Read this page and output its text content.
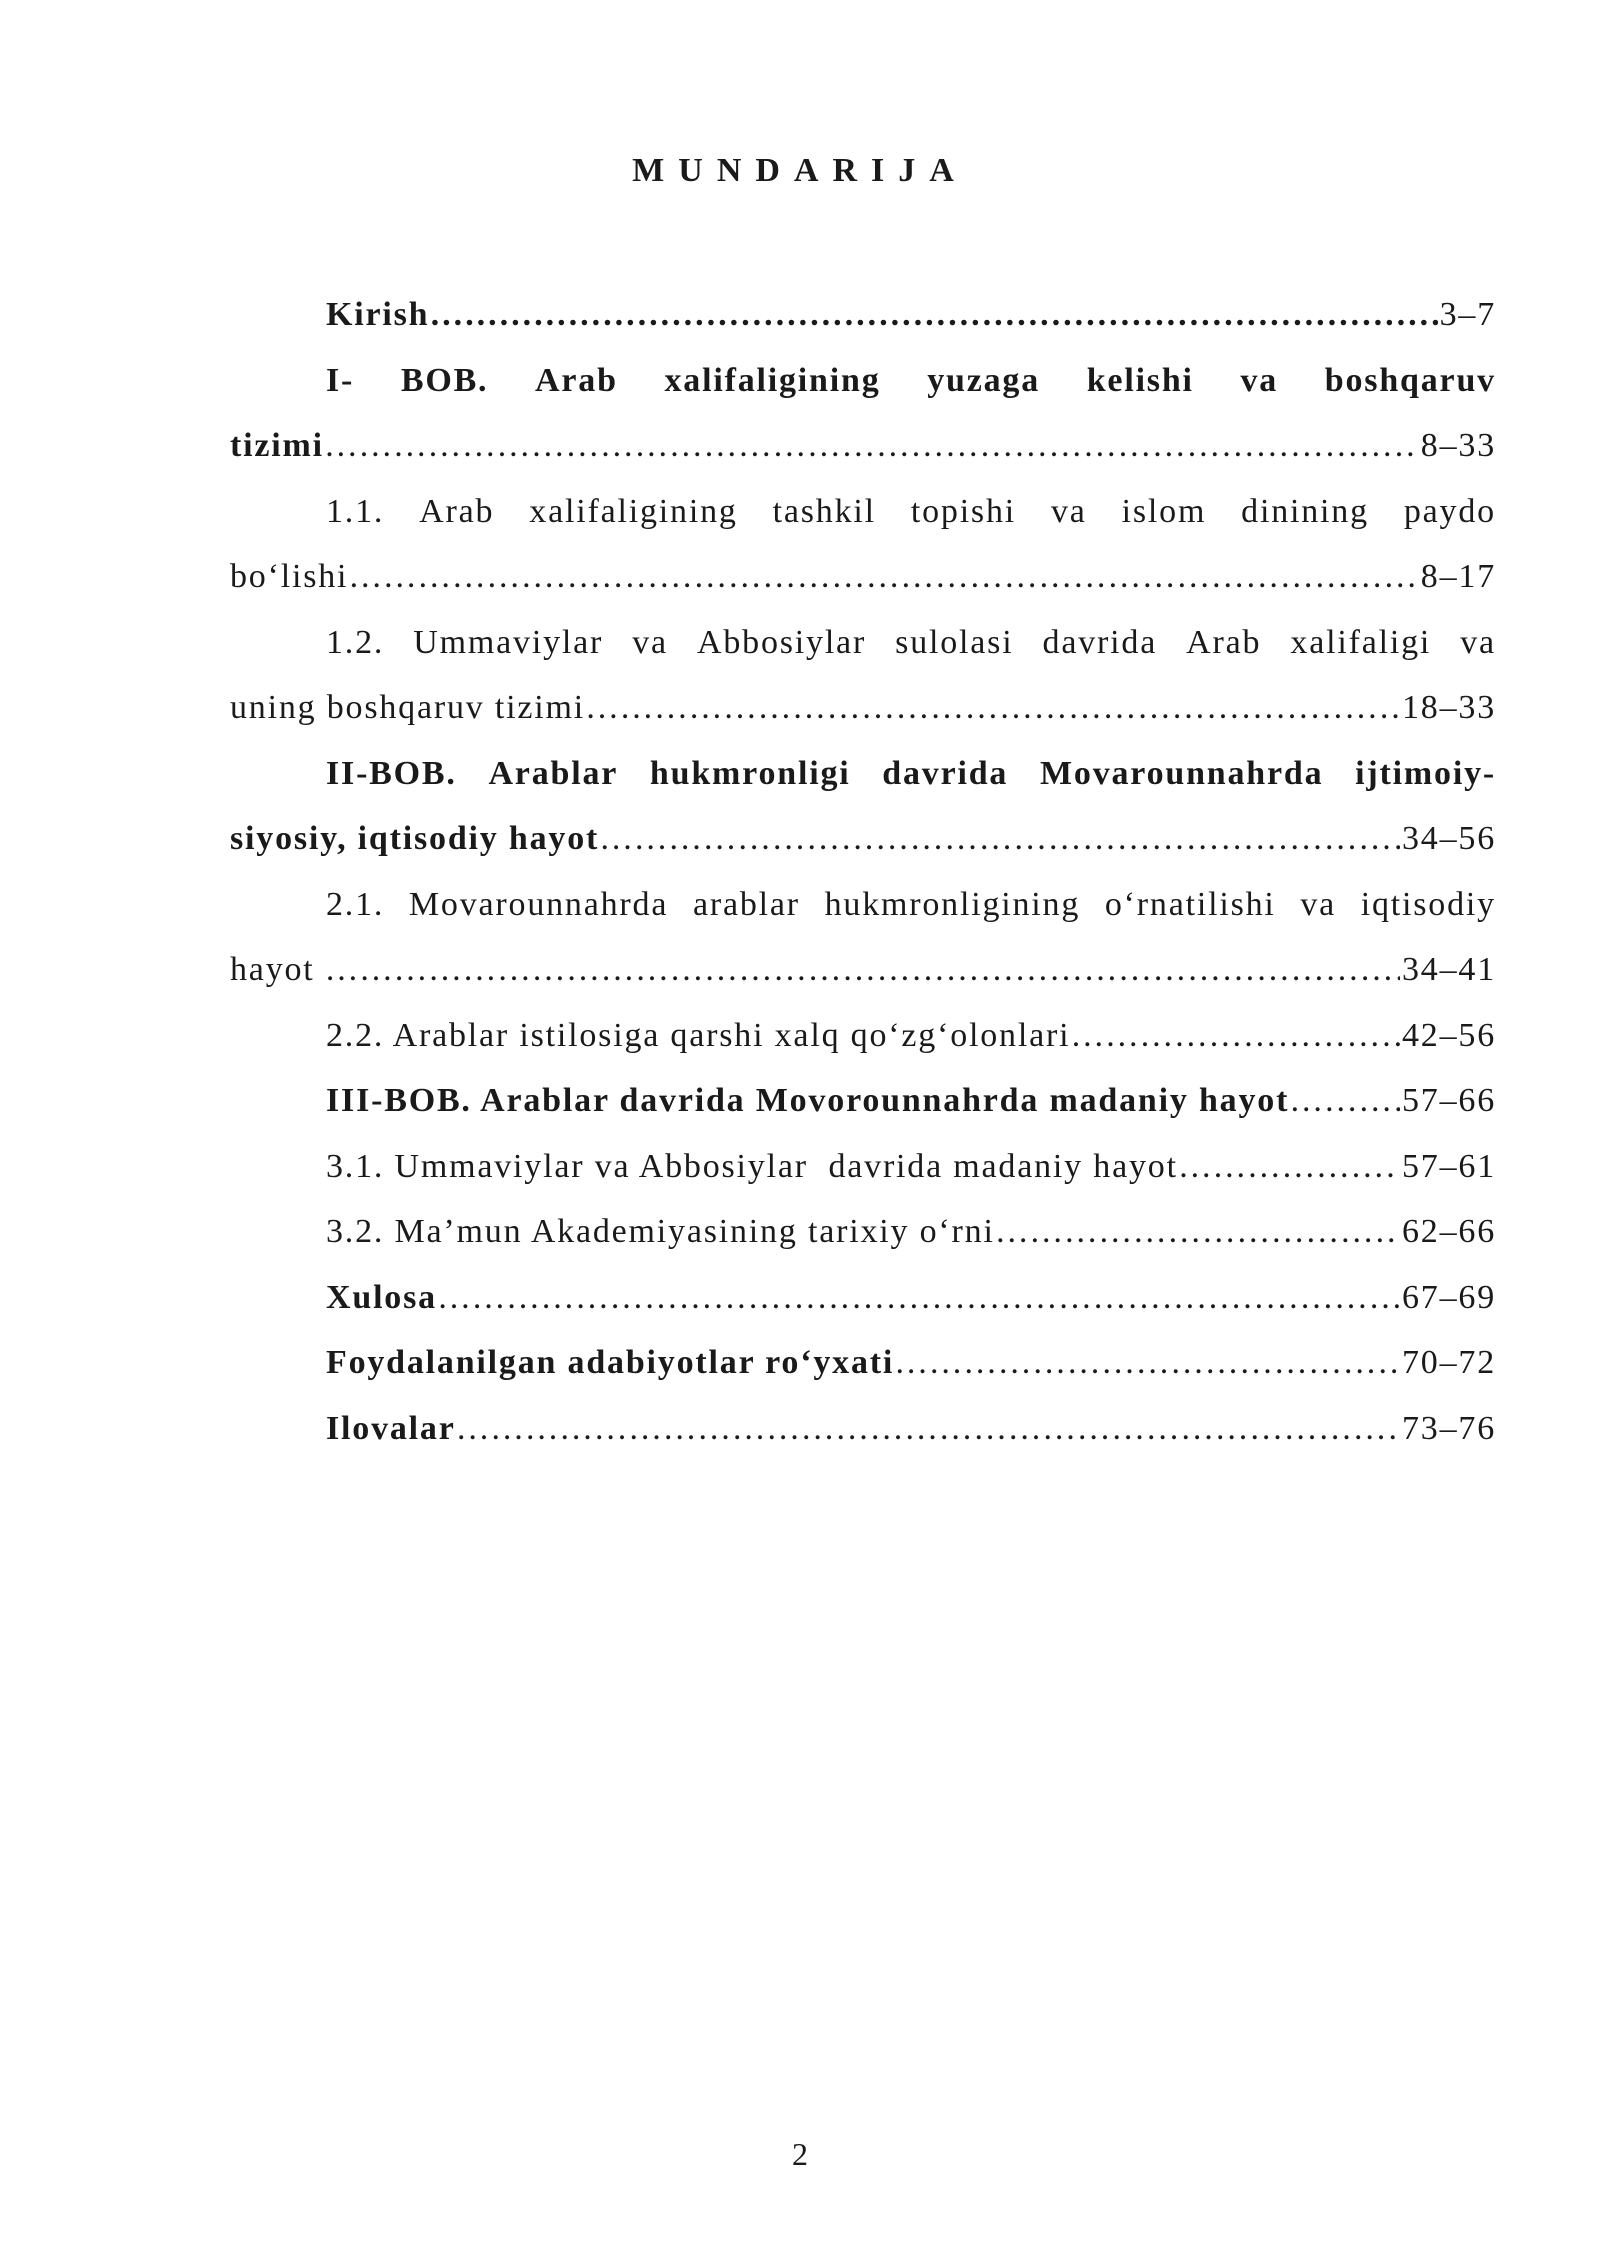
MUNDARIJA
Kirish …………………………………………………………………………………………………………………………………………………………………………………………………………	3–7
I- BOB. Arab xalifaligining yuzaga kelishi va boshqaruv
tizimi …………………………………………………………………………………………………………………………………………………………………………………………………………	8–33
1.1. Arab xalifaligining tashkil topishi va islom dinining paydo
bo‘lishi …………………………………………………………………………………………………………………………………………………………………………………………………………	8–17
1.2. Ummaviylar va Abbosiylar sulolasi davrida Arab xalifaligi va
uning boshqaruv tizimi …………………………………………………………………………………………………………………………………………………………………………………………………………	18–33
II-BOB. Arablar hukmronligi davrida Movarounnahrda ijtimoiy-
siyosiy, iqtisodiy hayot …………………………………………………………………………………………………………………………………………………………………………………………………………	34–56
2.1. Movarounnahrda arablar hukmronligining o‘rnatilishi va iqtisodiy
hayot …………………………………………………………………………………………………………………………………………………………………………………………………………	34–41
2.2. Arablar istilosiga qarshi xalq qo‘zg‘olonlari …………………………………………………………………………………………………………………………………………………………………………………………………………	42–56
III-BOB. Arablar davrida Movorounnahrda madaniy hayot …………………………………………………………………………………………………………………………………………………………………………………………………………	57–66
3.1. Ummaviylar va Abbosiylar  davrida madaniy hayot …………………………………………………………………………………………………………………………………………………………………………………………………………	57–61
3.2. Ma’mun Akademiyasining tarixiy o‘rni …………………………………………………………………………………………………………………………………………………………………………………………………………	62–66
Xulosa …………………………………………………………………………………………………………………………………………………………………………………………………………	67–69
Foydalanilgan adabiyotlar ro‘yxati …………………………………………………………………………………………………………………………………………………………………………………………………………	70–72
Ilovalar …………………………………………………………………………………………………………………………………………………………………………………………………………	73–76
2
